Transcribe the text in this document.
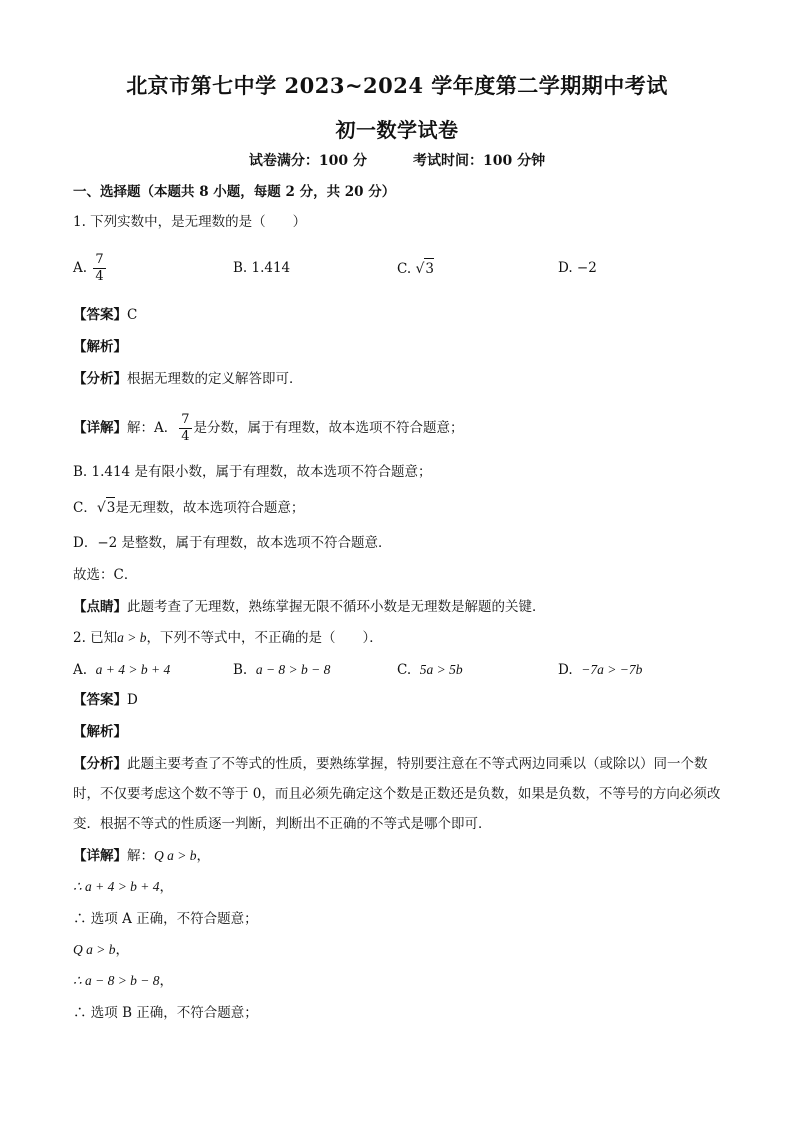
北京市第七中学 2023~2024 学年度第二学期期中考试
初一数学试卷
试卷满分：100 分	考试时间：100 分钟
一、选择题（本题共 8 小题，每题 2 分，共 20 分）
1. 下列实数中，是无理数的是（　　）
A. $\frac{7}{4}$	B. 1.414	C. √3	D. −2
【答案】C
【解析】
【分析】根据无理数的定义解答即可．
【详解】解：A． $\frac{7}{4}$ 是分数，属于有理数，故本选项不符合题意；
B. 1.414 是有限小数，属于有理数，故本选项不符合题意；
C．√3是无理数，故本选项符合题意；
D．−2 是整数，属于有理数，故本选项不符合题意．
故选：C．
【点睛】此题考查了无理数，熟练掌握无限不循环小数是无理数是解题的关键．
2. 已知a > b，下列不等式中，不正确的是（　　）．
A. a + 4 > b + 4	B. a − 8 > b − 8	C. 5a > 5b	D. −7a > −7b
【答案】D
【解析】
【分析】此题主要考查了不等式的性质，要熟练掌握，特别要注意在不等式两边同乘以（或除以）同一个数时，不仅要考虑这个数不等于 0，而且必须先确定这个数是正数还是负数，如果是负数，不等号的方向必须改变．根据不等式的性质逐一判断，判断出不正确的不等式是哪个即可．
【详解】解：Q a > b，
∴ a + 4 > b + 4，
∴ 选项 A 正确，不符合题意；
Q a > b，
∴ a − 8 > b − 8，
∴ 选项 B 正确，不符合题意；
